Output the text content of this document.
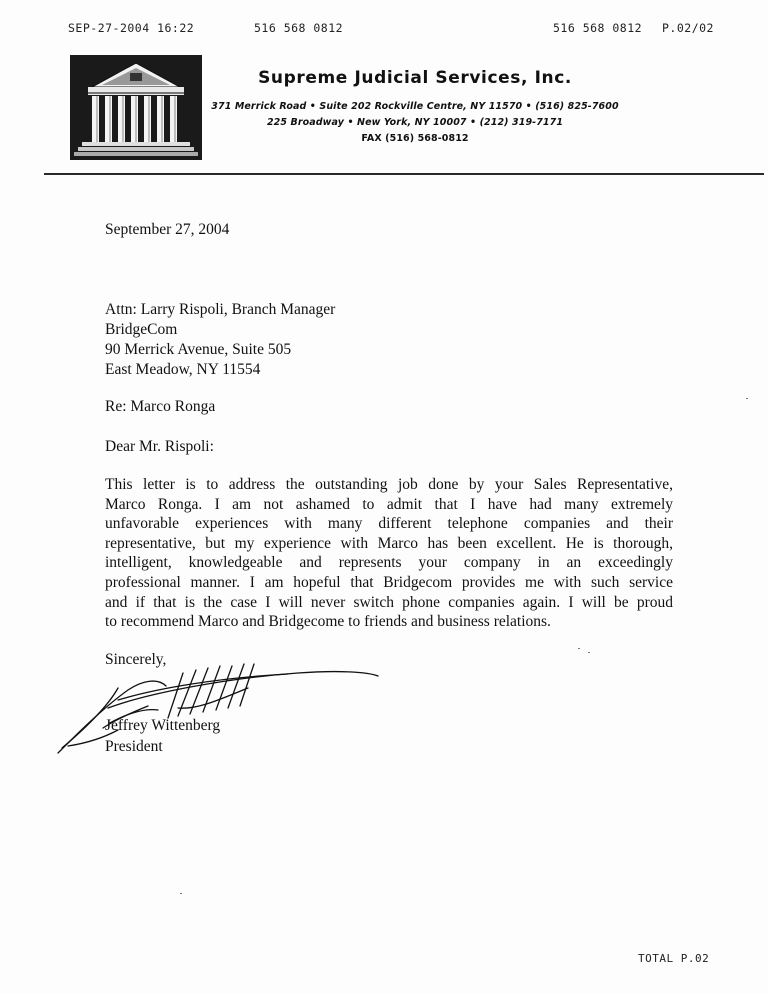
SEP-27-2004 16:22	516 568 0812	516 568 0812 P.02/02
Supreme Judicial Services, Inc.
371 Merrick Road • Suite 202 Rockville Centre, NY 11570 • (516) 825-7600
225 Broadway • New York, NY 10007 • (212) 319-7171
FAX (516) 568-0812
September 27, 2004
Attn: Larry Rispoli, Branch Manager
BridgeCom
90 Merrick Avenue, Suite 505
East Meadow, NY 11554
Re: Marco Ronga
Dear Mr. Rispoli:
This letter is to address the outstanding job done by your Sales Representative,
Marco Ronga. I am not ashamed to admit that I have had many extremely
unfavorable experiences with many different telephone companies and their
representative, but my experience with Marco has been excellent. He is thorough,
intelligent, knowledgeable and represents your company in an exceedingly
professional manner. I am hopeful that Bridgecom provides me with such service
and if that is the case I will never switch phone companies again. I will be proud
to recommend Marco and Bridgecome to friends and business relations.
Sincerely,
Jeffrey Wittenberg
President
TOTAL P.02
